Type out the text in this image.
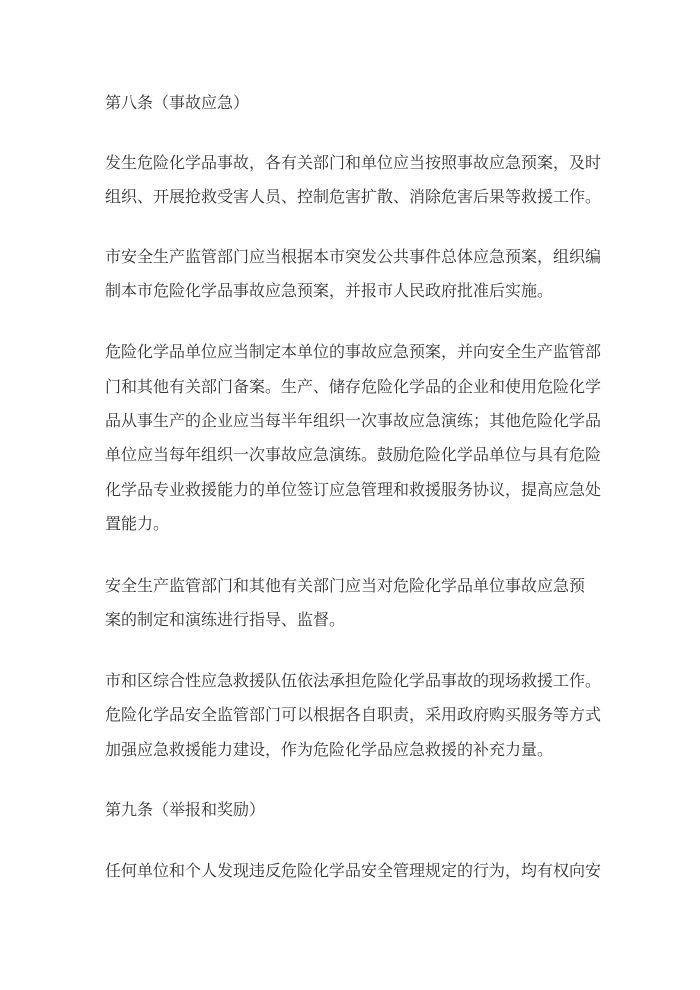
第八条（事故应急）
发生危险化学品事故，各有关部门和单位应当按照事故应急预案，及时
组织、开展抢救受害人员、控制危害扩散、消除危害后果等救援工作。
市安全生产监管部门应当根据本市突发公共事件总体应急预案，组织编
制本市危险化学品事故应急预案，并报市人民政府批准后实施。
危险化学品单位应当制定本单位的事故应急预案，并向安全生产监管部
门和其他有关部门备案。生产、储存危险化学品的企业和使用危险化学
品从事生产的企业应当每半年组织一次事故应急演练；其他危险化学品
单位应当每年组织一次事故应急演练。鼓励危险化学品单位与具有危险
化学品专业救援能力的单位签订应急管理和救援服务协议，提高应急处
置能力。
安全生产监管部门和其他有关部门应当对危险化学品单位事故应急预
案的制定和演练进行指导、监督。
市和区综合性应急救援队伍依法承担危险化学品事故的现场救援工作。
危险化学品安全监管部门可以根据各自职责，采用政府购买服务等方式
加强应急救援能力建设，作为危险化学品应急救援的补充力量。
第九条（举报和奖励）
任何单位和个人发现违反危险化学品安全管理规定的行为，均有权向安
